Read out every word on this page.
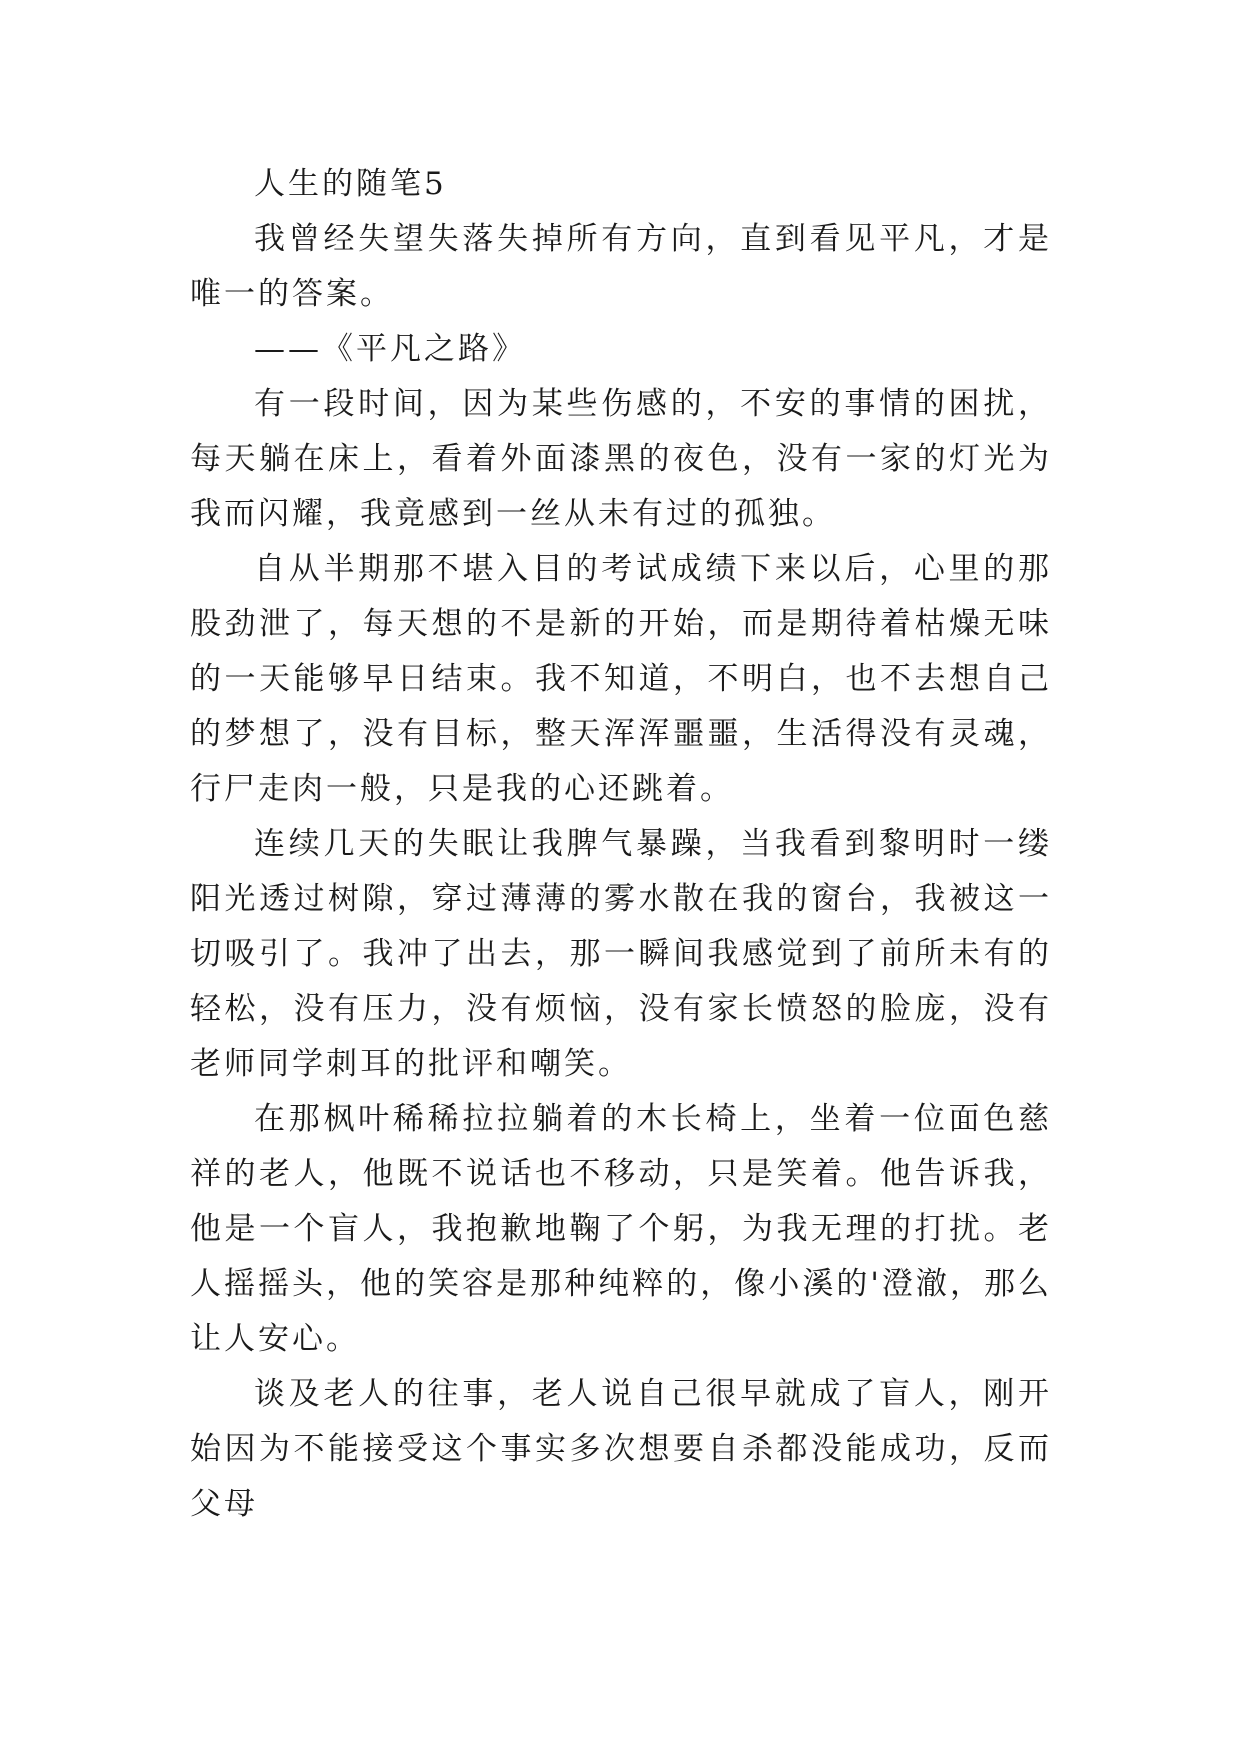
人生的随笔5

我曾经失望失落失掉所有方向，直到看见平凡，才是唯一的答案。

——《平凡之路》

有一段时间，因为某些伤感的，不安的事情的困扰，每天躺在床上，看着外面漆黑的夜色，没有一家的灯光为我而闪耀，我竟感到一丝从未有过的孤独。

自从半期那不堪入目的考试成绩下来以后，心里的那股劲泄了，每天想的不是新的开始，而是期待着枯燥无味的一天能够早日结束。我不知道，不明白，也不去想自己的梦想了，没有目标，整天浑浑噩噩，生活得没有灵魂，行尸走肉一般，只是我的心还跳着。

连续几天的失眠让我脾气暴躁，当我看到黎明时一缕阳光透过树隙，穿过薄薄的雾水散在我的窗台，我被这一切吸引了。我冲了出去，那一瞬间我感觉到了前所未有的轻松，没有压力，没有烦恼，没有家长愤怒的脸庞，没有老师同学刺耳的批评和嘲笑。

在那枫叶稀稀拉拉躺着的木长椅上，坐着一位面色慈祥的老人，他既不说话也不移动，只是笑着。他告诉我，他是一个盲人，我抱歉地鞠了个躬，为我无理的打扰。老人摇摇头，他的笑容是那种纯粹的，像小溪的'澄澈，那么让人安心。

谈及老人的往事，老人说自己很早就成了盲人，刚开始因为不能接受这个事实多次想要自杀都没能成功，反而父母
